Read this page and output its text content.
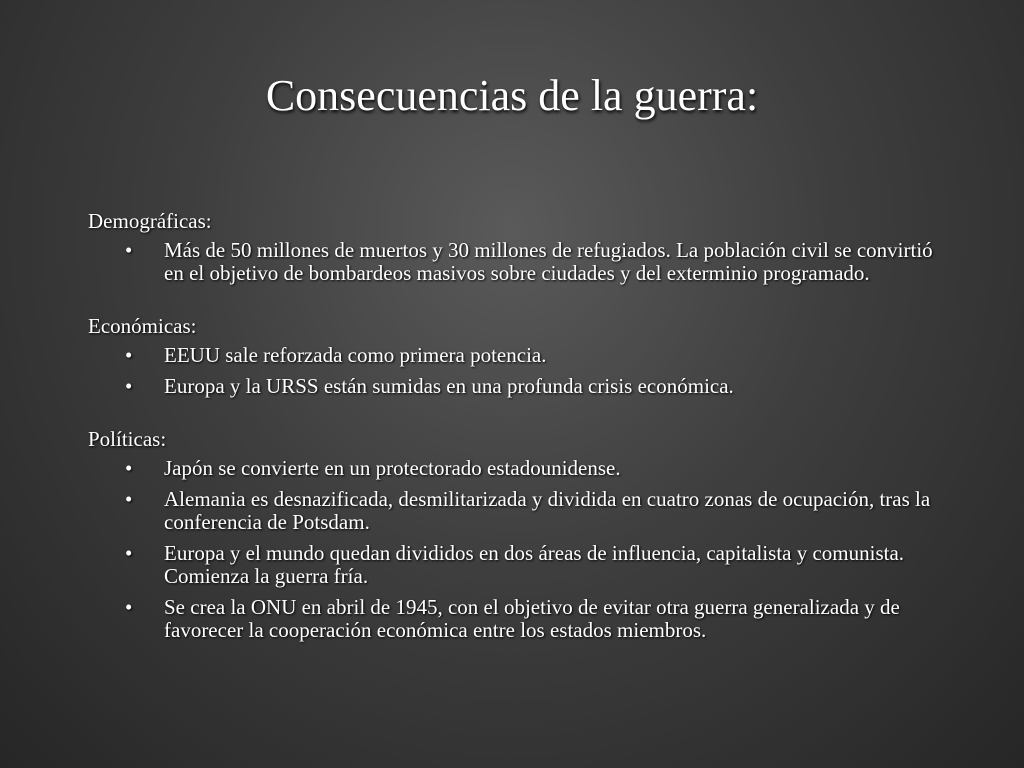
Consecuencias de la guerra:

Demográficas:

• Más de 50 millones de muertos y 30 millones de refugiados. La población civil se convirtió en el objetivo de bombardeos masivos sobre ciudades y del exterminio programado.

Económicas:

• EEUU sale reforzada como primera potencia.
• Europa y la URSS están sumidas en una profunda crisis económica.

Políticas:

• Japón se convierte en un protectorado estadounidense.
• Alemania es desnazificada, desmilitarizada y dividida en cuatro zonas de ocupación, tras la conferencia de Potsdam.
• Europa y el mundo quedan divididos en dos áreas de influencia, capitalista y comunista. Comienza la guerra fría.
• Se crea la ONU en abril de 1945, con el objetivo de evitar otra guerra generalizada y de favorecer la cooperación económica entre los estados miembros.
